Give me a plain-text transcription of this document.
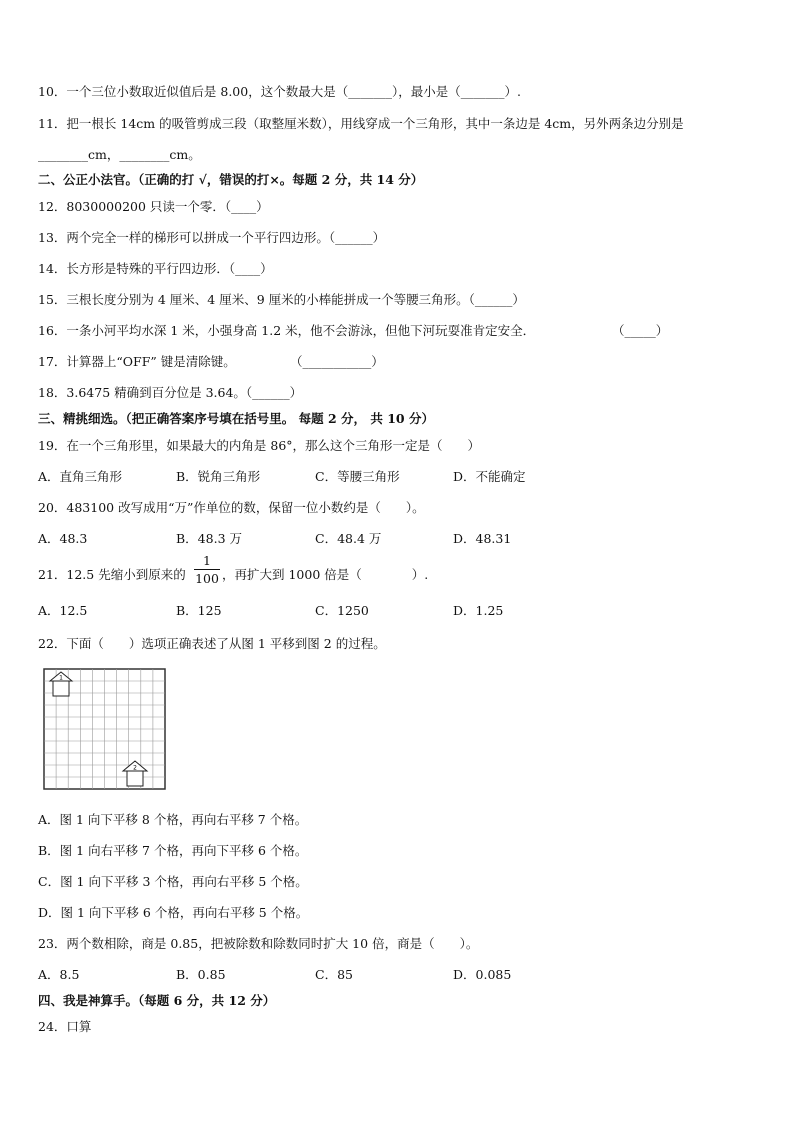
10．一个三位小数取近似值后是 8.00，这个数最大是（_______），最小是（_______）.
11．把一根长 14cm 的吸管剪成三段（取整厘米数），用线穿成一个三角形，其中一条边是 4cm，另外两条边分别是
________cm，________cm。
二、公正小法官。（正确的打 √，错误的打×。每题 2 分，共 14 分）
12．8030000200 只读一个零．（____）
13．两个完全一样的梯形可以拼成一个平行四边形。（______）
14．长方形是特殊的平行四边形．（____）
15．三根长度分别为 4 厘米、4 厘米、9 厘米的小棒能拼成一个等腰三角形。（______）
16．一条小河平均水深 1 米，小强身高 1.2 米，他不会游泳，但他下河玩耍准肯定安全．	（_____）
17．计算器上“OFF” 键是清除键。	（___________）
18．3.6475 精确到百分位是 3.64。（______）
三、精挑细选。（把正确答案序号填在括号里。 每题 2 分， 共 10 分）
19．在一个三角形里，如果最大的内角是 86°，那么这个三角形一定是（　　）
A．直角三角形	B．锐角三角形	C．等腰三角形	D．不能确定
20．483100 改写成用“万”作单位的数，保留一位小数约是（　　）。
A．48.3	B．48.3 万	C．48.4 万	D．48.31
21．12.5 先缩小到原来的
1
100 ，再扩大到 1000 倍是（　　　　）.
A．12.5	B．125	C．1250	D．1.25
22．下面（　　）选项正确表述了从图 1 平移到图 2 的过程。
1
2
A．图 1 向下平移 8 个格，再向右平移 7 个格。
B．图 1 向右平移 7 个格，再向下平移 6 个格。
C．图 1 向下平移 3 个格，再向右平移 5 个格。
D．图 1 向下平移 6 个格，再向右平移 5 个格。
23．两个数相除，商是 0.85，把被除数和除数同时扩大 10 倍，商是（　　）。
A．8.5	B．0.85	C．85	D．0.085
四、我是神算手。（每题 6 分，共 12 分）
24．口算
